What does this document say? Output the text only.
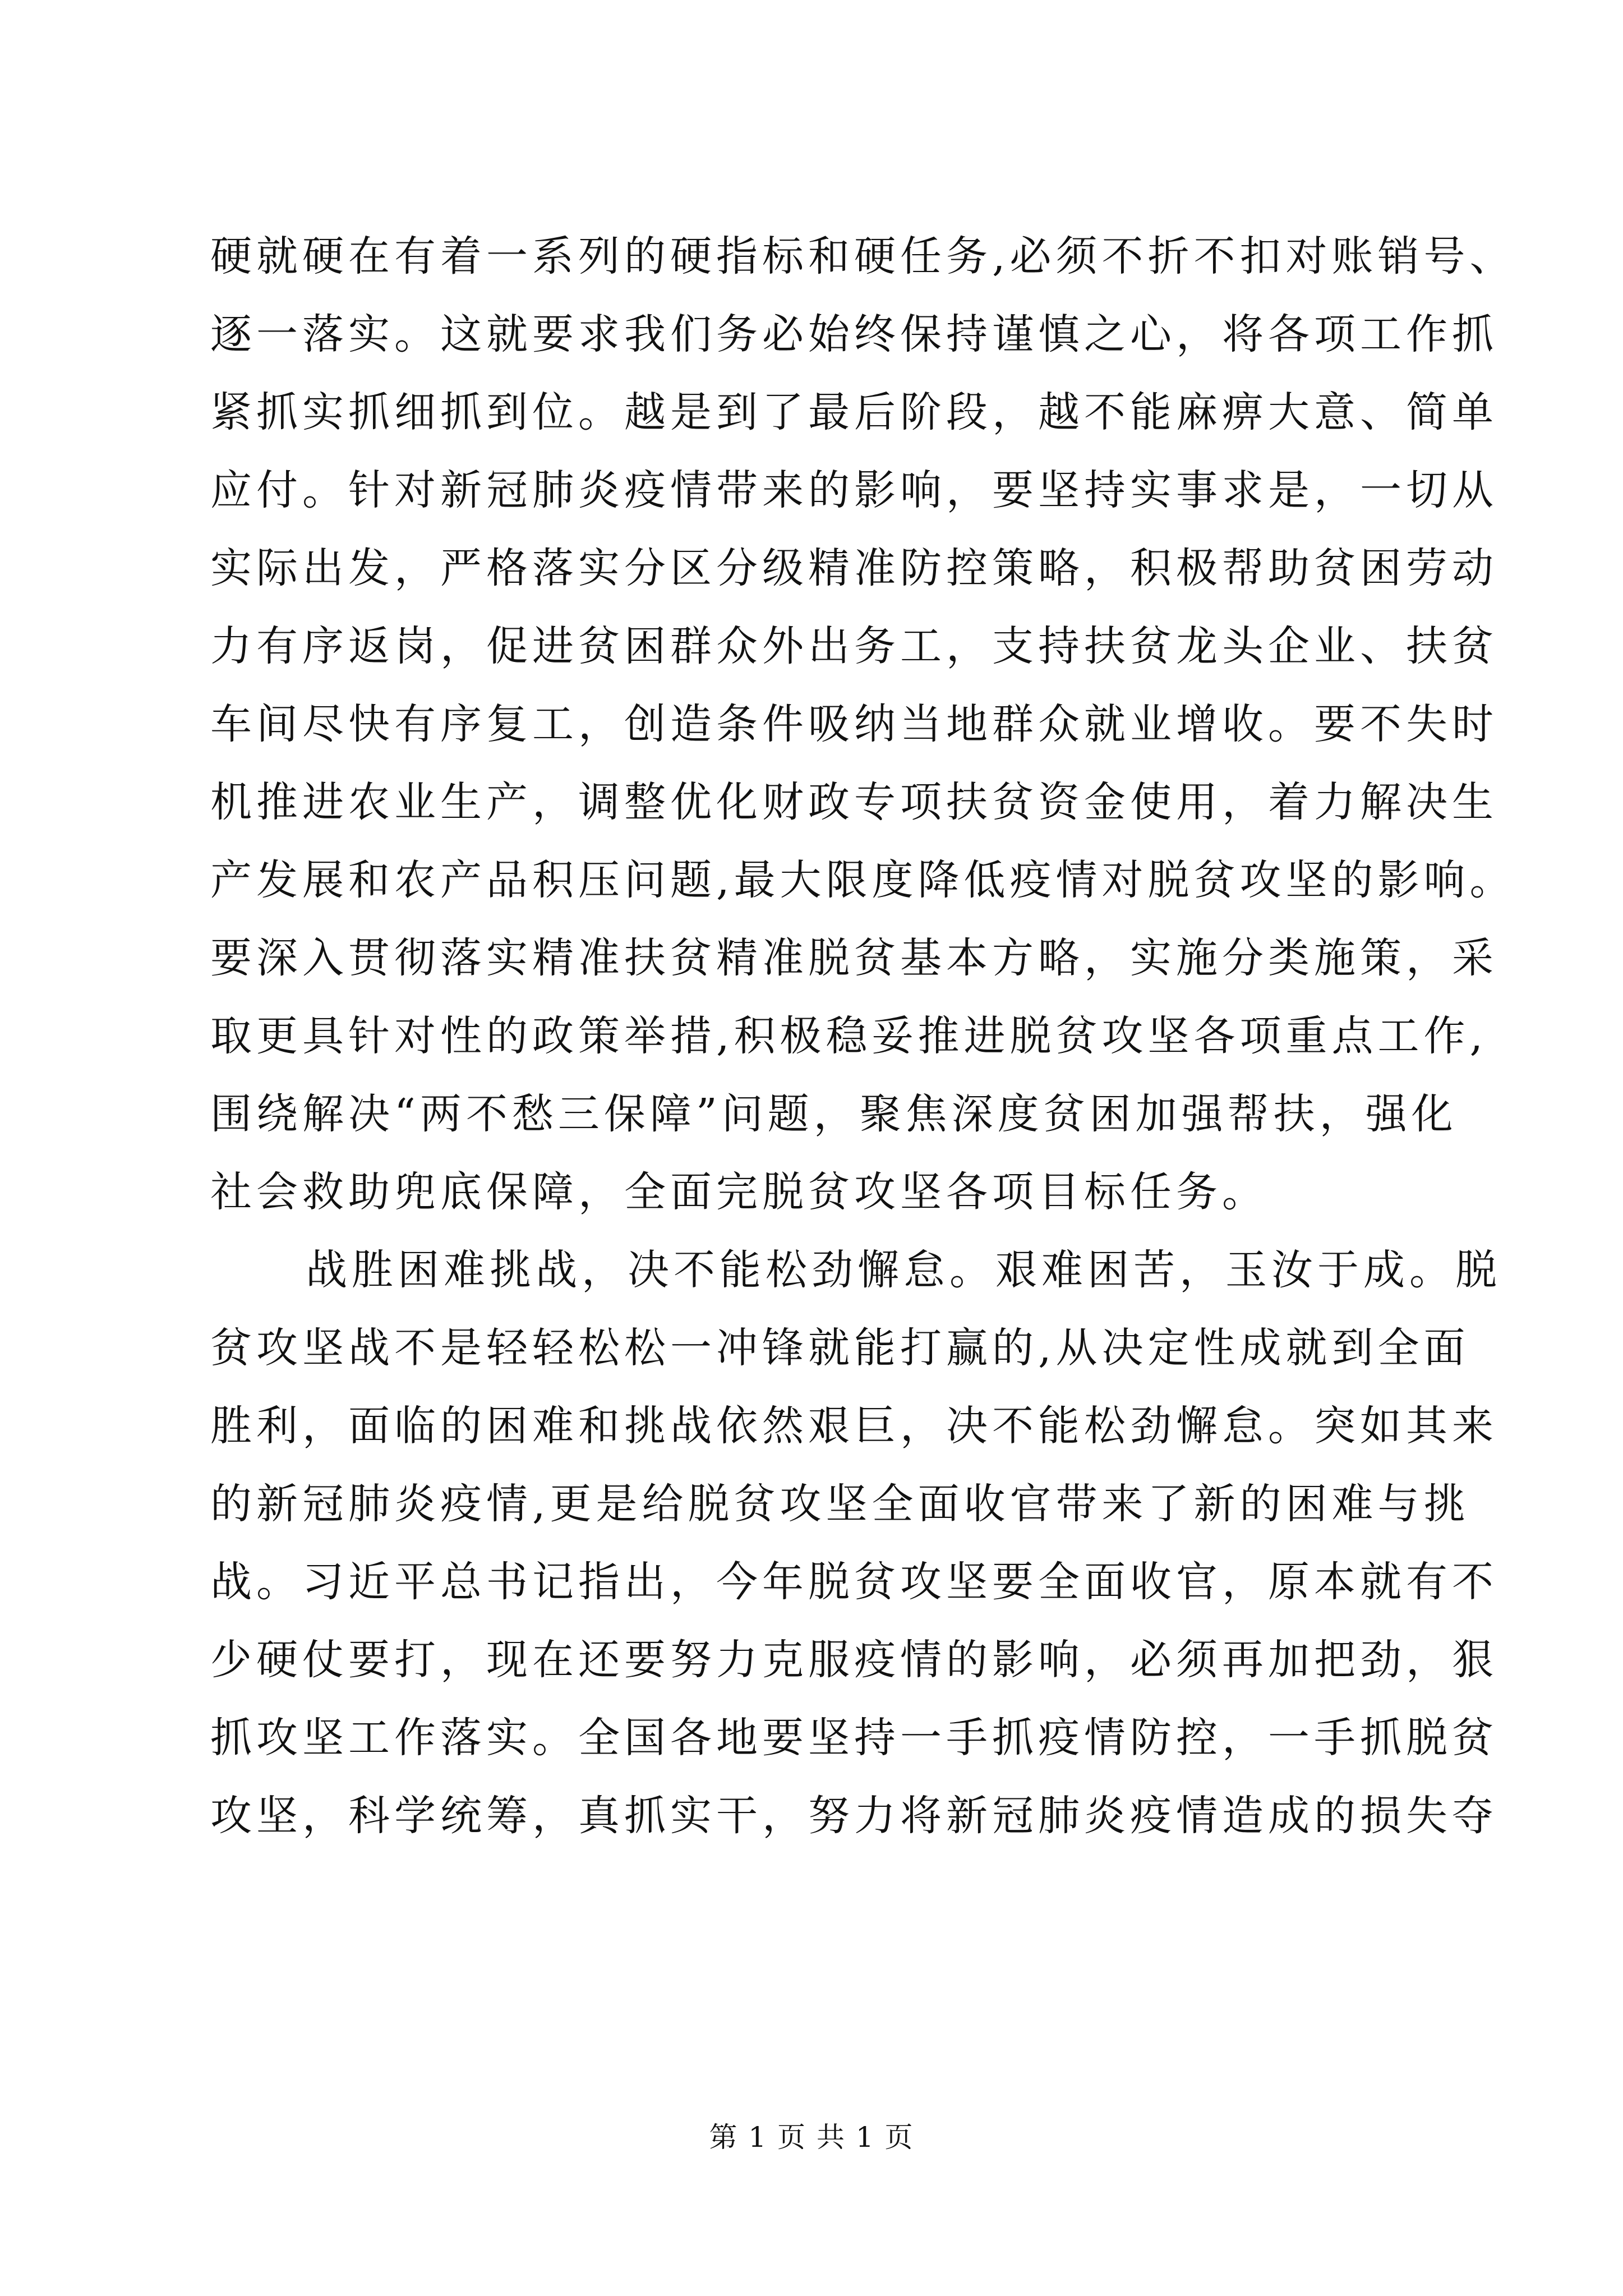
硬就硬在有着一系列的硬指标和硬任务,必须不折不扣对账销号、
逐一落实。这就要求我们务必始终保持谨慎之心，将各项工作抓
紧抓实抓细抓到位。越是到了最后阶段，越不能麻痹大意、简单
应付。针对新冠肺炎疫情带来的影响，要坚持实事求是，一切从
实际出发，严格落实分区分级精准防控策略，积极帮助贫困劳动
力有序返岗，促进贫困群众外出务工，支持扶贫龙头企业、扶贫
车间尽快有序复工，创造条件吸纳当地群众就业增收。要不失时
机推进农业生产，调整优化财政专项扶贫资金使用，着力解决生
产发展和农产品积压问题,最大限度降低疫情对脱贫攻坚的影响。
要深入贯彻落实精准扶贫精准脱贫基本方略，实施分类施策，采
取更具针对性的政策举措,积极稳妥推进脱贫攻坚各项重点工作,
围绕解决“两不愁三保障”问题，聚焦深度贫困加强帮扶，强化
社会救助兜底保障，全面完脱贫攻坚各项目标任务。
战胜困难挑战，决不能松劲懈怠。艰难困苦，玉汝于成。脱
贫攻坚战不是轻轻松松一冲锋就能打赢的,从决定性成就到全面
胜利，面临的困难和挑战依然艰巨，决不能松劲懈怠。突如其来
的新冠肺炎疫情,更是给脱贫攻坚全面收官带来了新的困难与挑
战。习近平总书记指出，今年脱贫攻坚要全面收官，原本就有不
少硬仗要打，现在还要努力克服疫情的影响，必须再加把劲，狠
抓攻坚工作落实。全国各地要坚持一手抓疫情防控，一手抓脱贫
攻坚，科学统筹，真抓实干，努力将新冠肺炎疫情造成的损失夺
第 1 页 共 1 页
